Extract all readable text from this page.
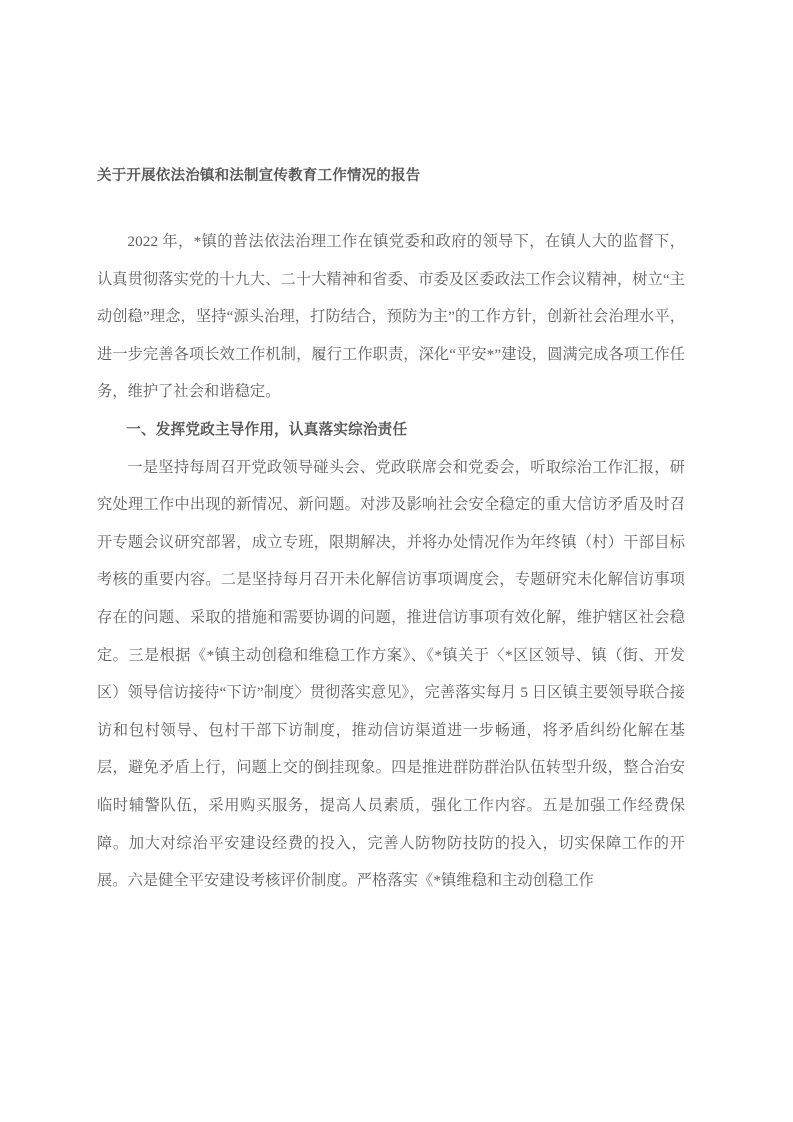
关于开展依法治镇和法制宣传教育工作情况的报告

2022 年，*镇的普法依法治理工作在镇党委和政府的领导下，在镇人大的监督下，认真贯彻落实党的十九大、二十大精神和省委、市委及区委政法工作会议精神，树立“主动创稳”理念，坚持“源头治理，打防结合，预防为主”的工作方针，创新社会治理水平，进一步完善各项长效工作机制，履行工作职责，深化“平安*”建设，圆满完成各项工作任务，维护了社会和谐稳定。

一、发挥党政主导作用，认真落实综治责任

一是坚持每周召开党政领导碰头会、党政联席会和党委会，听取综治工作汇报，研究处理工作中出现的新情况、新问题。对涉及影响社会安全稳定的重大信访矛盾及时召开专题会议研究部署，成立专班，限期解决，并将办处情况作为年终镇（村）干部目标考核的重要内容。二是坚持每月召开未化解信访事项调度会，专题研究未化解信访事项存在的问题、采取的措施和需要协调的问题，推进信访事项有效化解，维护辖区社会稳定。三是根据《*镇主动创稳和维稳工作方案》、《*镇关于〈*区区领导、镇（街、开发区）领导信访接待“下访”制度〉贯彻落实意见》，完善落实每月 5 日区镇主要领导联合接访和包村领导、包村干部下访制度，推动信访渠道进一步畅通，将矛盾纠纷化解在基层，避免矛盾上行，问题上交的倒挂现象。四是推进群防群治队伍转型升级，整合治安临时辅警队伍，采用购买服务，提高人员素质，强化工作内容。五是加强工作经费保障。加大对综治平安建设经费的投入，完善人防物防技防的投入，切实保障工作的开展。六是健全平安建设考核评价制度。严格落实《*镇维稳和主动创稳工作
